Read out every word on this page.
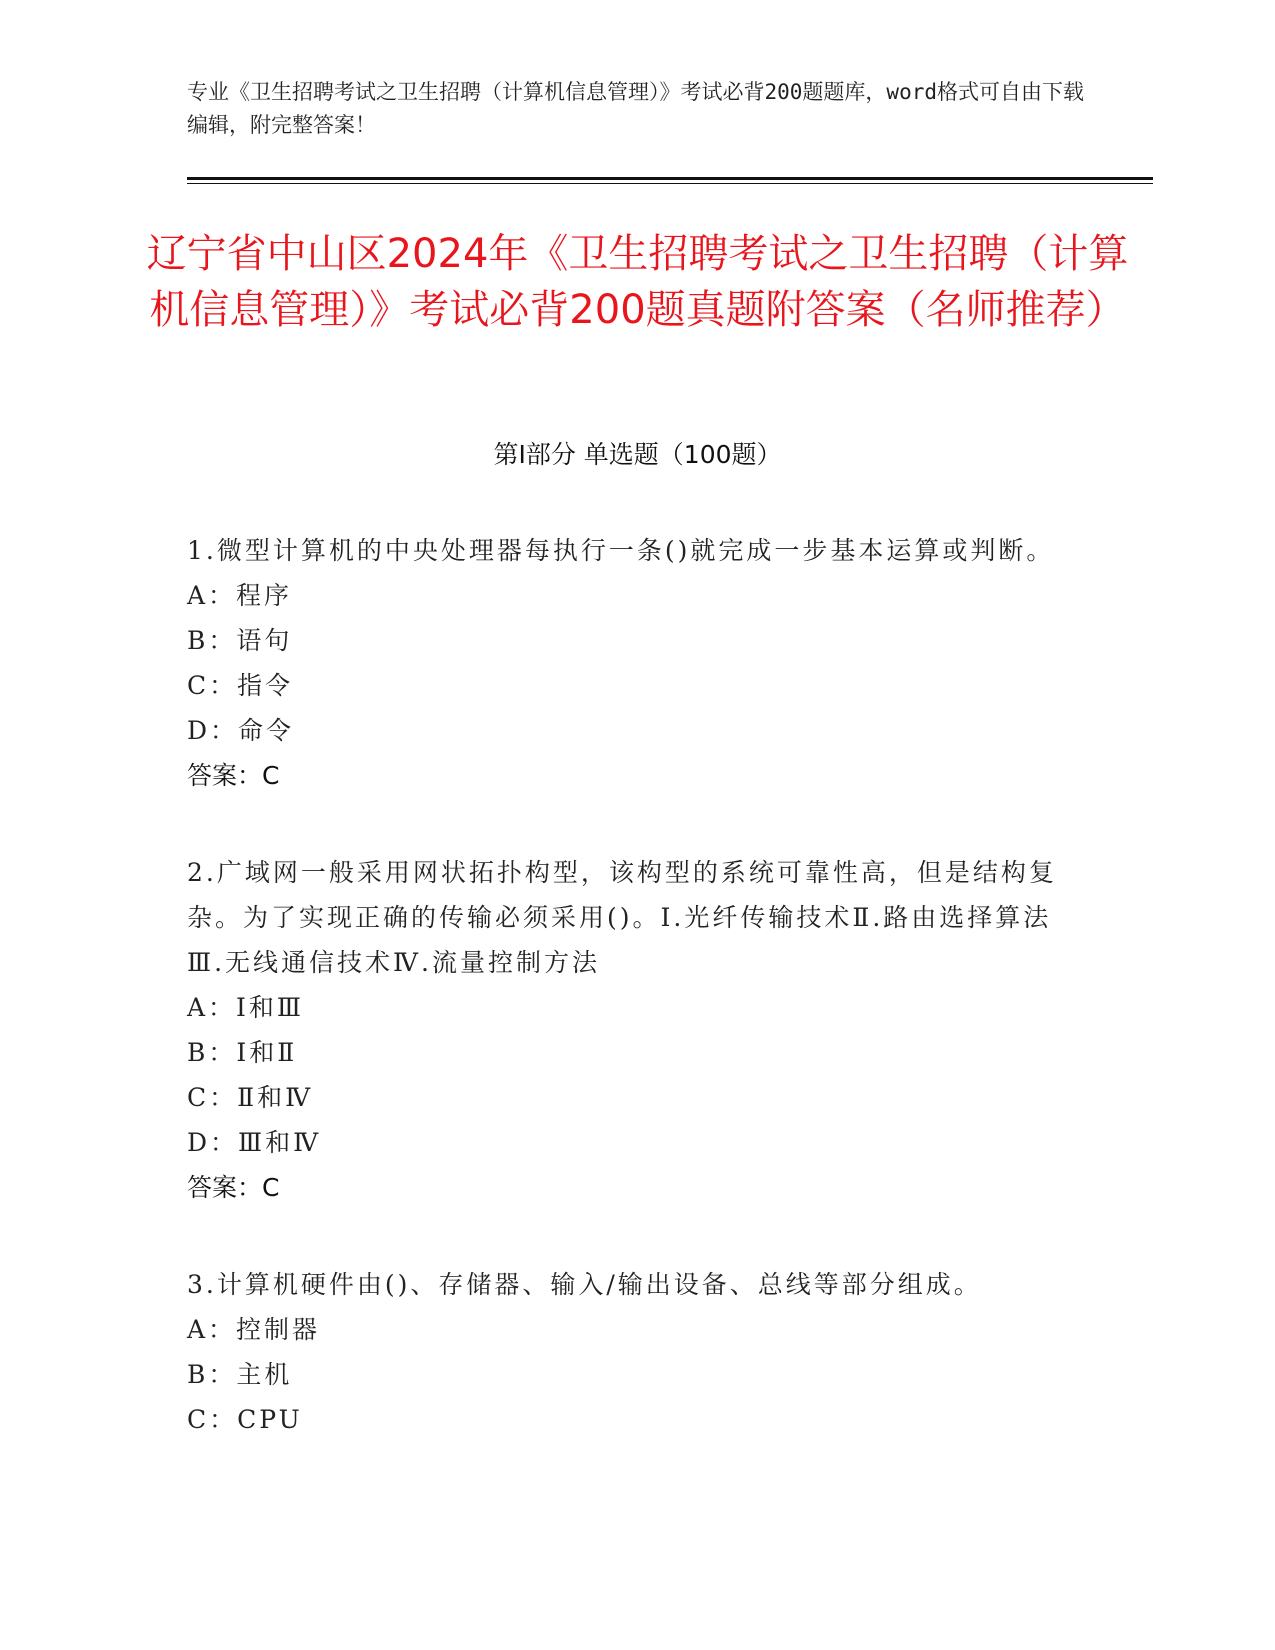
专业《卫生招聘考试之卫生招聘（计算机信息管理）》考试必背200题题库，word格式可自由下载编辑，附完整答案！
辽宁省中山区2024年《卫生招聘考试之卫生招聘（计算机信息管理）》考试必背200题真题附答案（名师推荐）
第Ⅰ部分 单选题（100题）
1.微型计算机的中央处理器每执行一条()就完成一步基本运算或判断。
A：程序
B：语句
C：指令
D：命令
答案：C
2.广域网一般采用网状拓扑构型，该构型的系统可靠性高，但是结构复杂。为了实现正确的传输必须采用()。Ⅰ.光纤传输技术Ⅱ.路由选择算法Ⅲ.无线通信技术Ⅳ.流量控制方法
A：Ⅰ和Ⅲ
B：Ⅰ和Ⅱ
C：Ⅱ和Ⅳ
D：Ⅲ和Ⅳ
答案：C
3.计算机硬件由()、存储器、输入/输出设备、总线等部分组成。
A：控制器
B：主机
C：CPU
